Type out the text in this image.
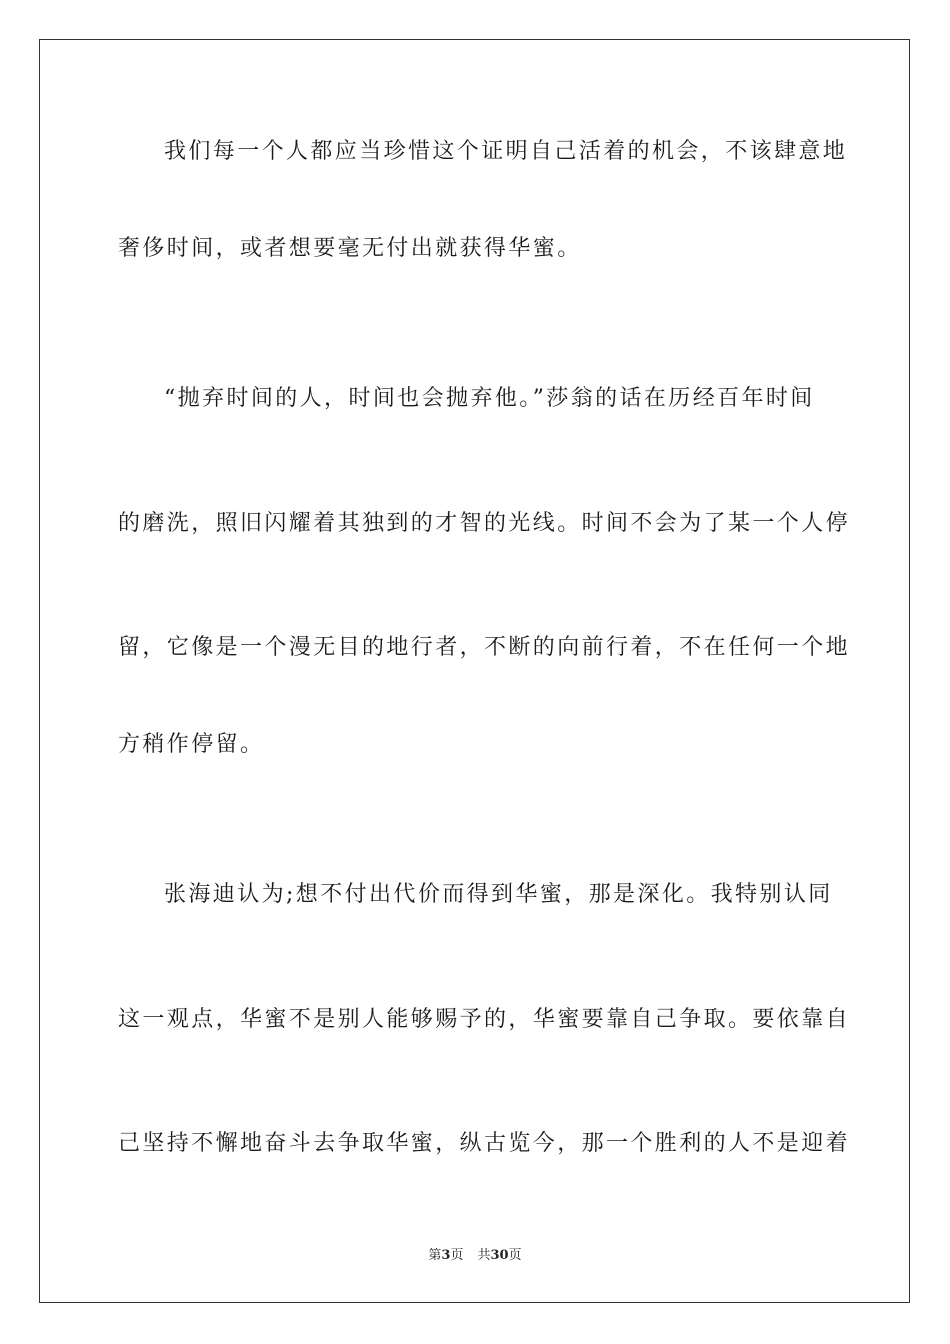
我们每一个人都应当珍惜这个证明自己活着的机会，不该肆意地
奢侈时间，或者想要毫无付出就获得华蜜。
“抛弃时间的人，时间也会抛弃他。”莎翁的话在历经百年时间
的磨洗，照旧闪耀着其独到的才智的光线。时间不会为了某一个人停
留，它像是一个漫无目的地行者，不断的向前行着，不在任何一个地
方稍作停留。
张海迪认为;想不付出代价而得到华蜜，那是深化。我特别认同
这一观点，华蜜不是别人能够赐予的，华蜜要靠自己争取。要依靠自
己坚持不懈地奋斗去争取华蜜，纵古览今，那一个胜利的人不是迎着
第3页 共30页
